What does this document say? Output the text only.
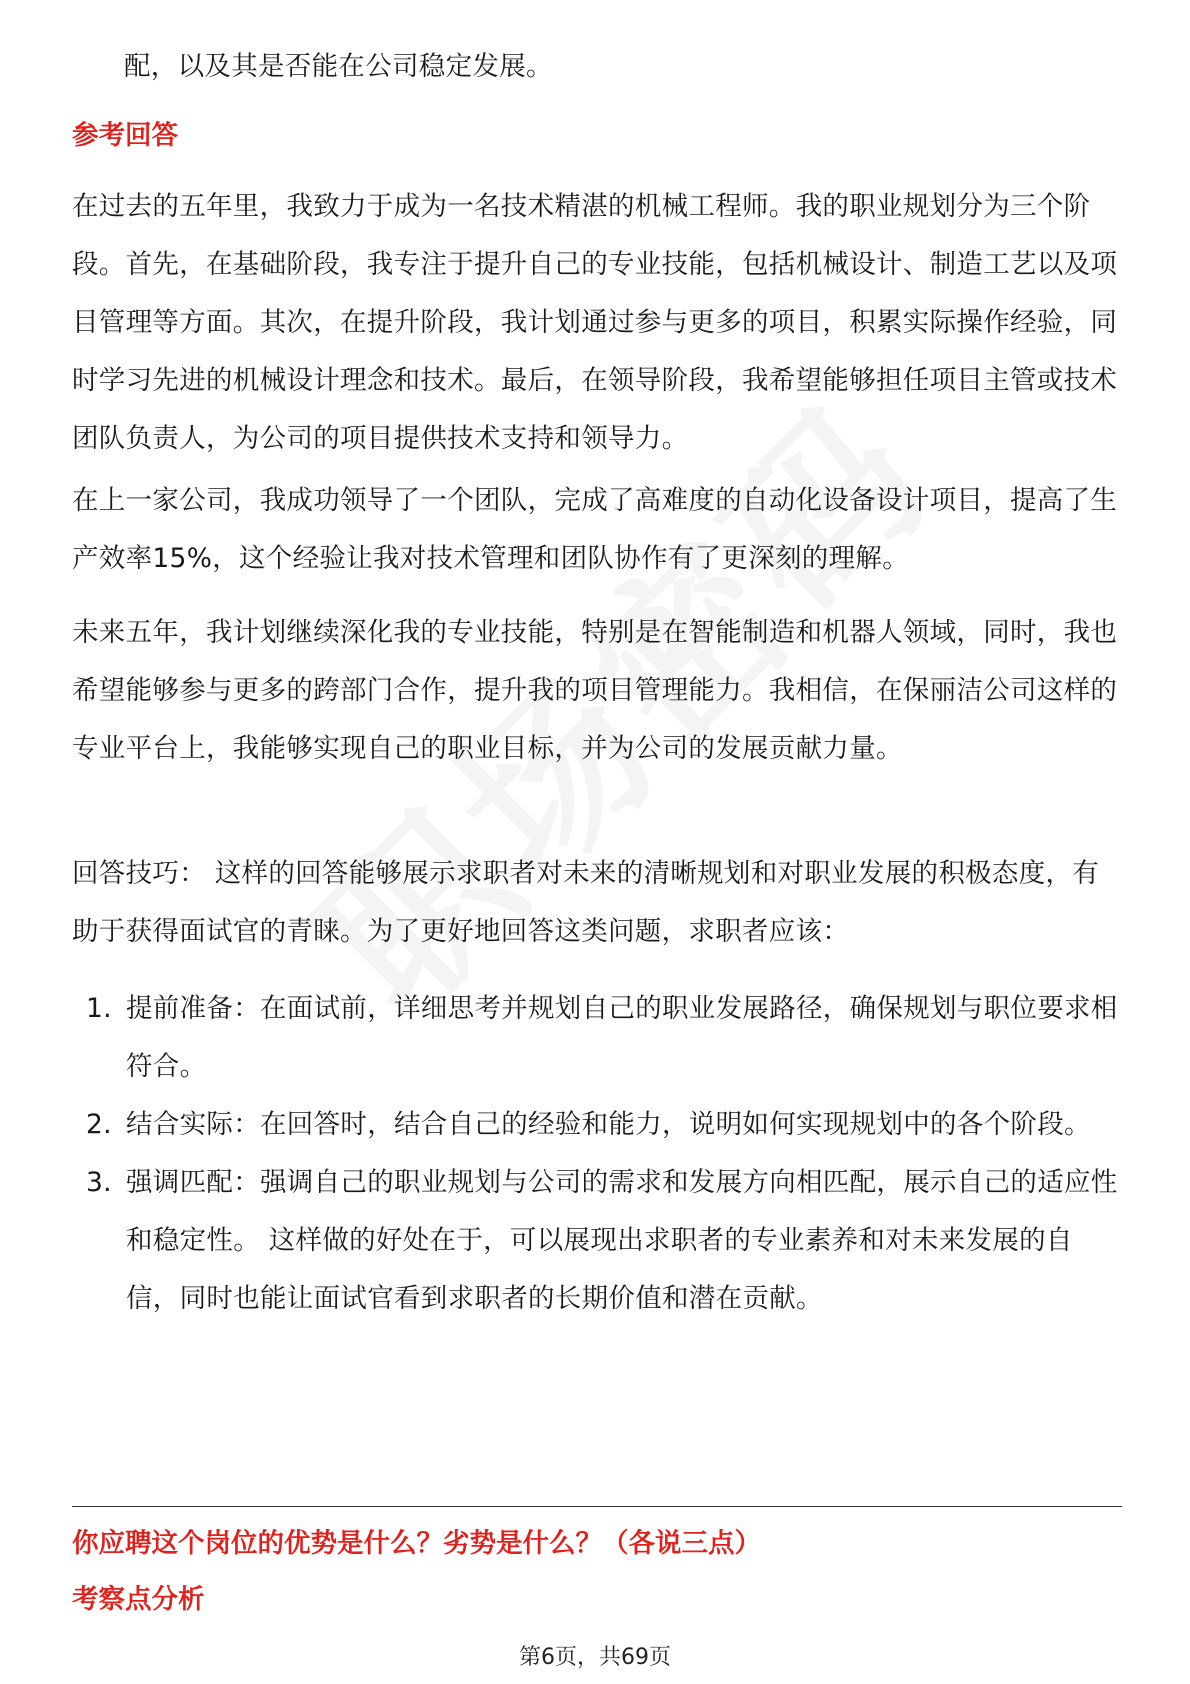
配，以及其是否能在公司稳定发展。

参考回答

在过去的五年里，我致力于成为一名技术精湛的机械工程师。我的职业规划分为三个阶段。首先，在基础阶段，我专注于提升自己的专业技能，包括机械设计、制造工艺以及项目管理等方面。其次，在提升阶段，我计划通过参与更多的项目，积累实际操作经验，同时学习先进的机械设计理念和技术。最后，在领导阶段，我希望能够担任项目主管或技术团队负责人，为公司的项目提供技术支持和领导力。

在上一家公司，我成功领导了一个团队，完成了高难度的自动化设备设计项目，提高了生产效率15%，这个经验让我对技术管理和团队协作有了更深刻的理解。

未来五年，我计划继续深化我的专业技能，特别是在智能制造和机器人领域，同时，我也希望能够参与更多的跨部门合作，提升我的项目管理能力。我相信，在保丽洁公司这样的专业平台上，我能够实现自己的职业目标，并为公司的发展贡献力量。

回答技巧： 这样的回答能够展示求职者对未来的清晰规划和对职业发展的积极态度，有助于获得面试官的青睐。为了更好地回答这类问题，求职者应该：

1. 提前准备：在面试前，详细思考并规划自己的职业发展路径，确保规划与职位要求相符合。
2. 结合实际：在回答时，结合自己的经验和能力，说明如何实现规划中的各个阶段。
3. 强调匹配：强调自己的职业规划与公司的需求和发展方向相匹配，展示自己的适应性和稳定性。 这样做的好处在于，可以展现出求职者的专业素养和对未来发展的自信，同时也能让面试官看到求职者的长期价值和潜在贡献。
你应聘这个岗位的优势是什么？劣势是什么？（各说三点）
考察点分析
第6页，共69页
